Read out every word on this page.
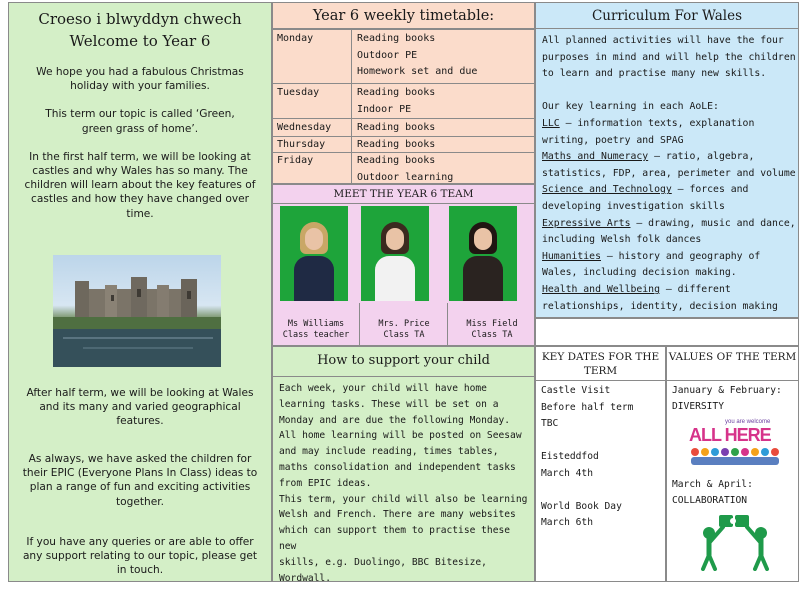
Croeso i blwyddyn chwech
Welcome to Year 6

We hope you had a fabulous Christmas holiday with your families.

This term our topic is called ‘Green, green grass of home’.

In the first half term, we will be looking at castles and why Wales has so many. The children will learn about the key features of castles and how they have changed over time.

After half term, we will be looking at Wales and its many and varied geographical features.

As always, we have asked the children for their EPIC (Everyone Plans In Class) ideas to plan a range of fun and exciting activities together.

If you have any queries or are able to offer any support relating to our topic, please get in touch.

Year 6 weekly timetable:
Monday	Reading books
Outdoor PE
Homework set and due
Tuesday	Reading books
Indoor PE
Wednesday	Reading books
Thursday	Reading books
Friday	Reading books
Outdoor learning
MEET THE YEAR 6 TEAM
Ms Williams
Class teacher
Mrs. Price
Class TA
Miss Field
Class TA
Curriculum For Wales
All planned activities will have the four
purposes in mind and will help the children
to learn and practise many new skills.

Our key learning in each AoLE:
LLC – information texts, explanation
writing, poetry and SPAG
Maths and Numeracy – ratio, algebra,
statistics, FDP, area, perimeter and volume
Science and Technology – forces and
developing investigation skills
Expressive Arts – drawing, music and dance,
including Welsh folk dances
Humanities – history and geography of
Wales, including decision making.
Health and Wellbeing – different
relationships, identity, decision making
How to support your child
Each week, your child will have home
learning tasks. These will be set on a
Monday and are due the following Monday.
All home learning will be posted on Seesaw
and may include reading, times tables,
maths consolidation and independent tasks
from EPIC ideas.
This term, your child will also be learning
Welsh and French. There are many websites
which can support them to practise these new
skills, e.g. Duolingo, BBC Bitesize,
Wordwall.
KEY DATES FOR THE TERM
Castle Visit
Before half term
TBC
Eisteddfod
March 4th
World Book Day
March 6th
VALUES OF THE TERM
January & February:
DIVERSITY
you are welcome
ALL HERE
March & April:
COLLABORATION
